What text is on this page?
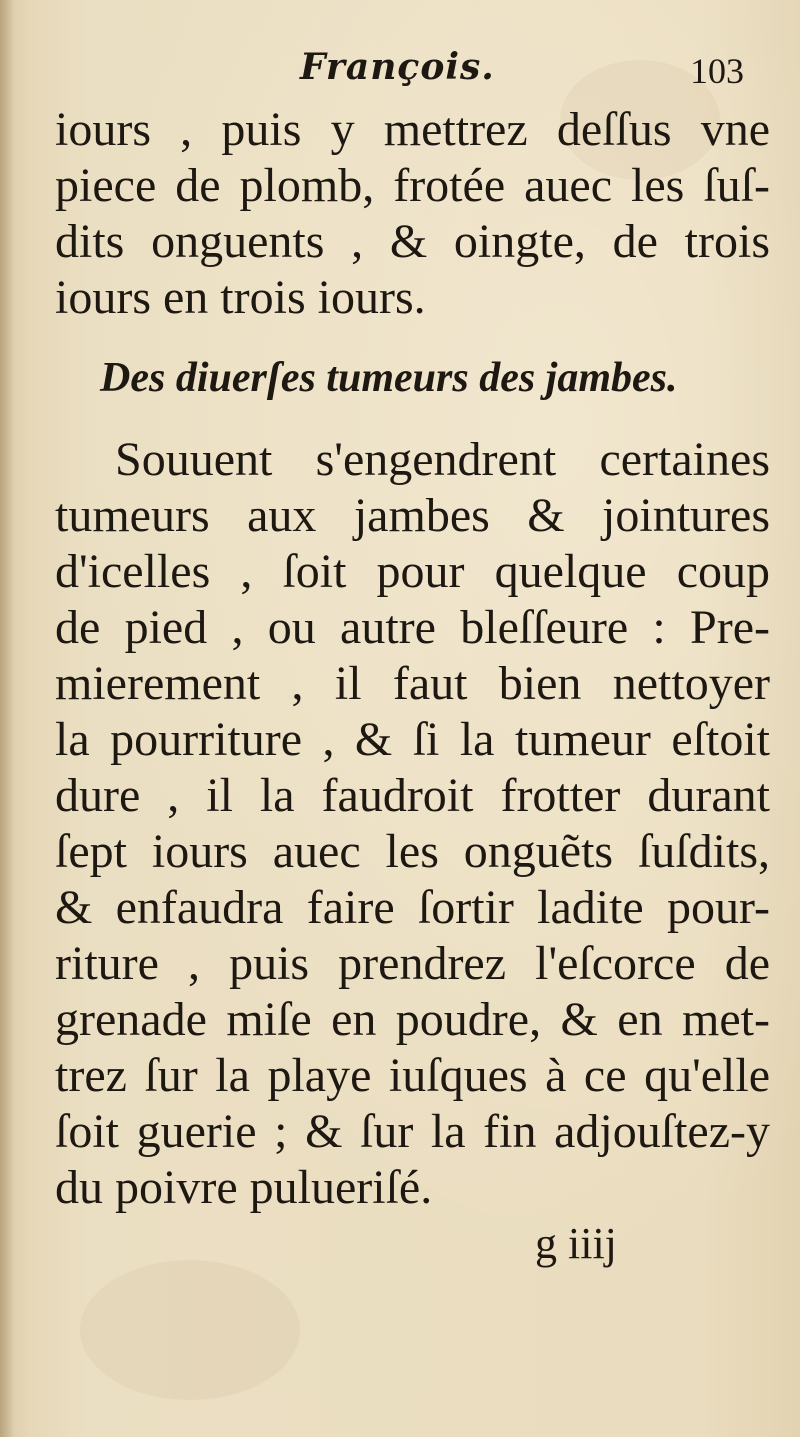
François.	103
iours , puis y mettrez deſſus vne
piece de plomb, frotée auec les ſuſ-
dits onguents , & oingte, de trois
iours en trois iours.
Des diuerſes tumeurs des jambes.
Souuent s'engendrent certaines
tumeurs aux jambes & jointures
d'icelles , ſoit pour quelque coup
de pied , ou autre bleſſeure : Pre-
mierement , il faut bien nettoyer
la pourriture , & ſi la tumeur eſtoit
dure , il la faudroit frotter durant
ſept iours auec les onguẽts ſuſdits,
& enfaudra faire ſortir ladite pour-
riture , puis prendrez l'eſcorce de
grenade miſe en poudre, & en met-
trez ſur la playe iuſques à ce qu'elle
ſoit guerie ; & ſur la fin adjouſtez-y
du poivre pulueriſé.
g iiij
